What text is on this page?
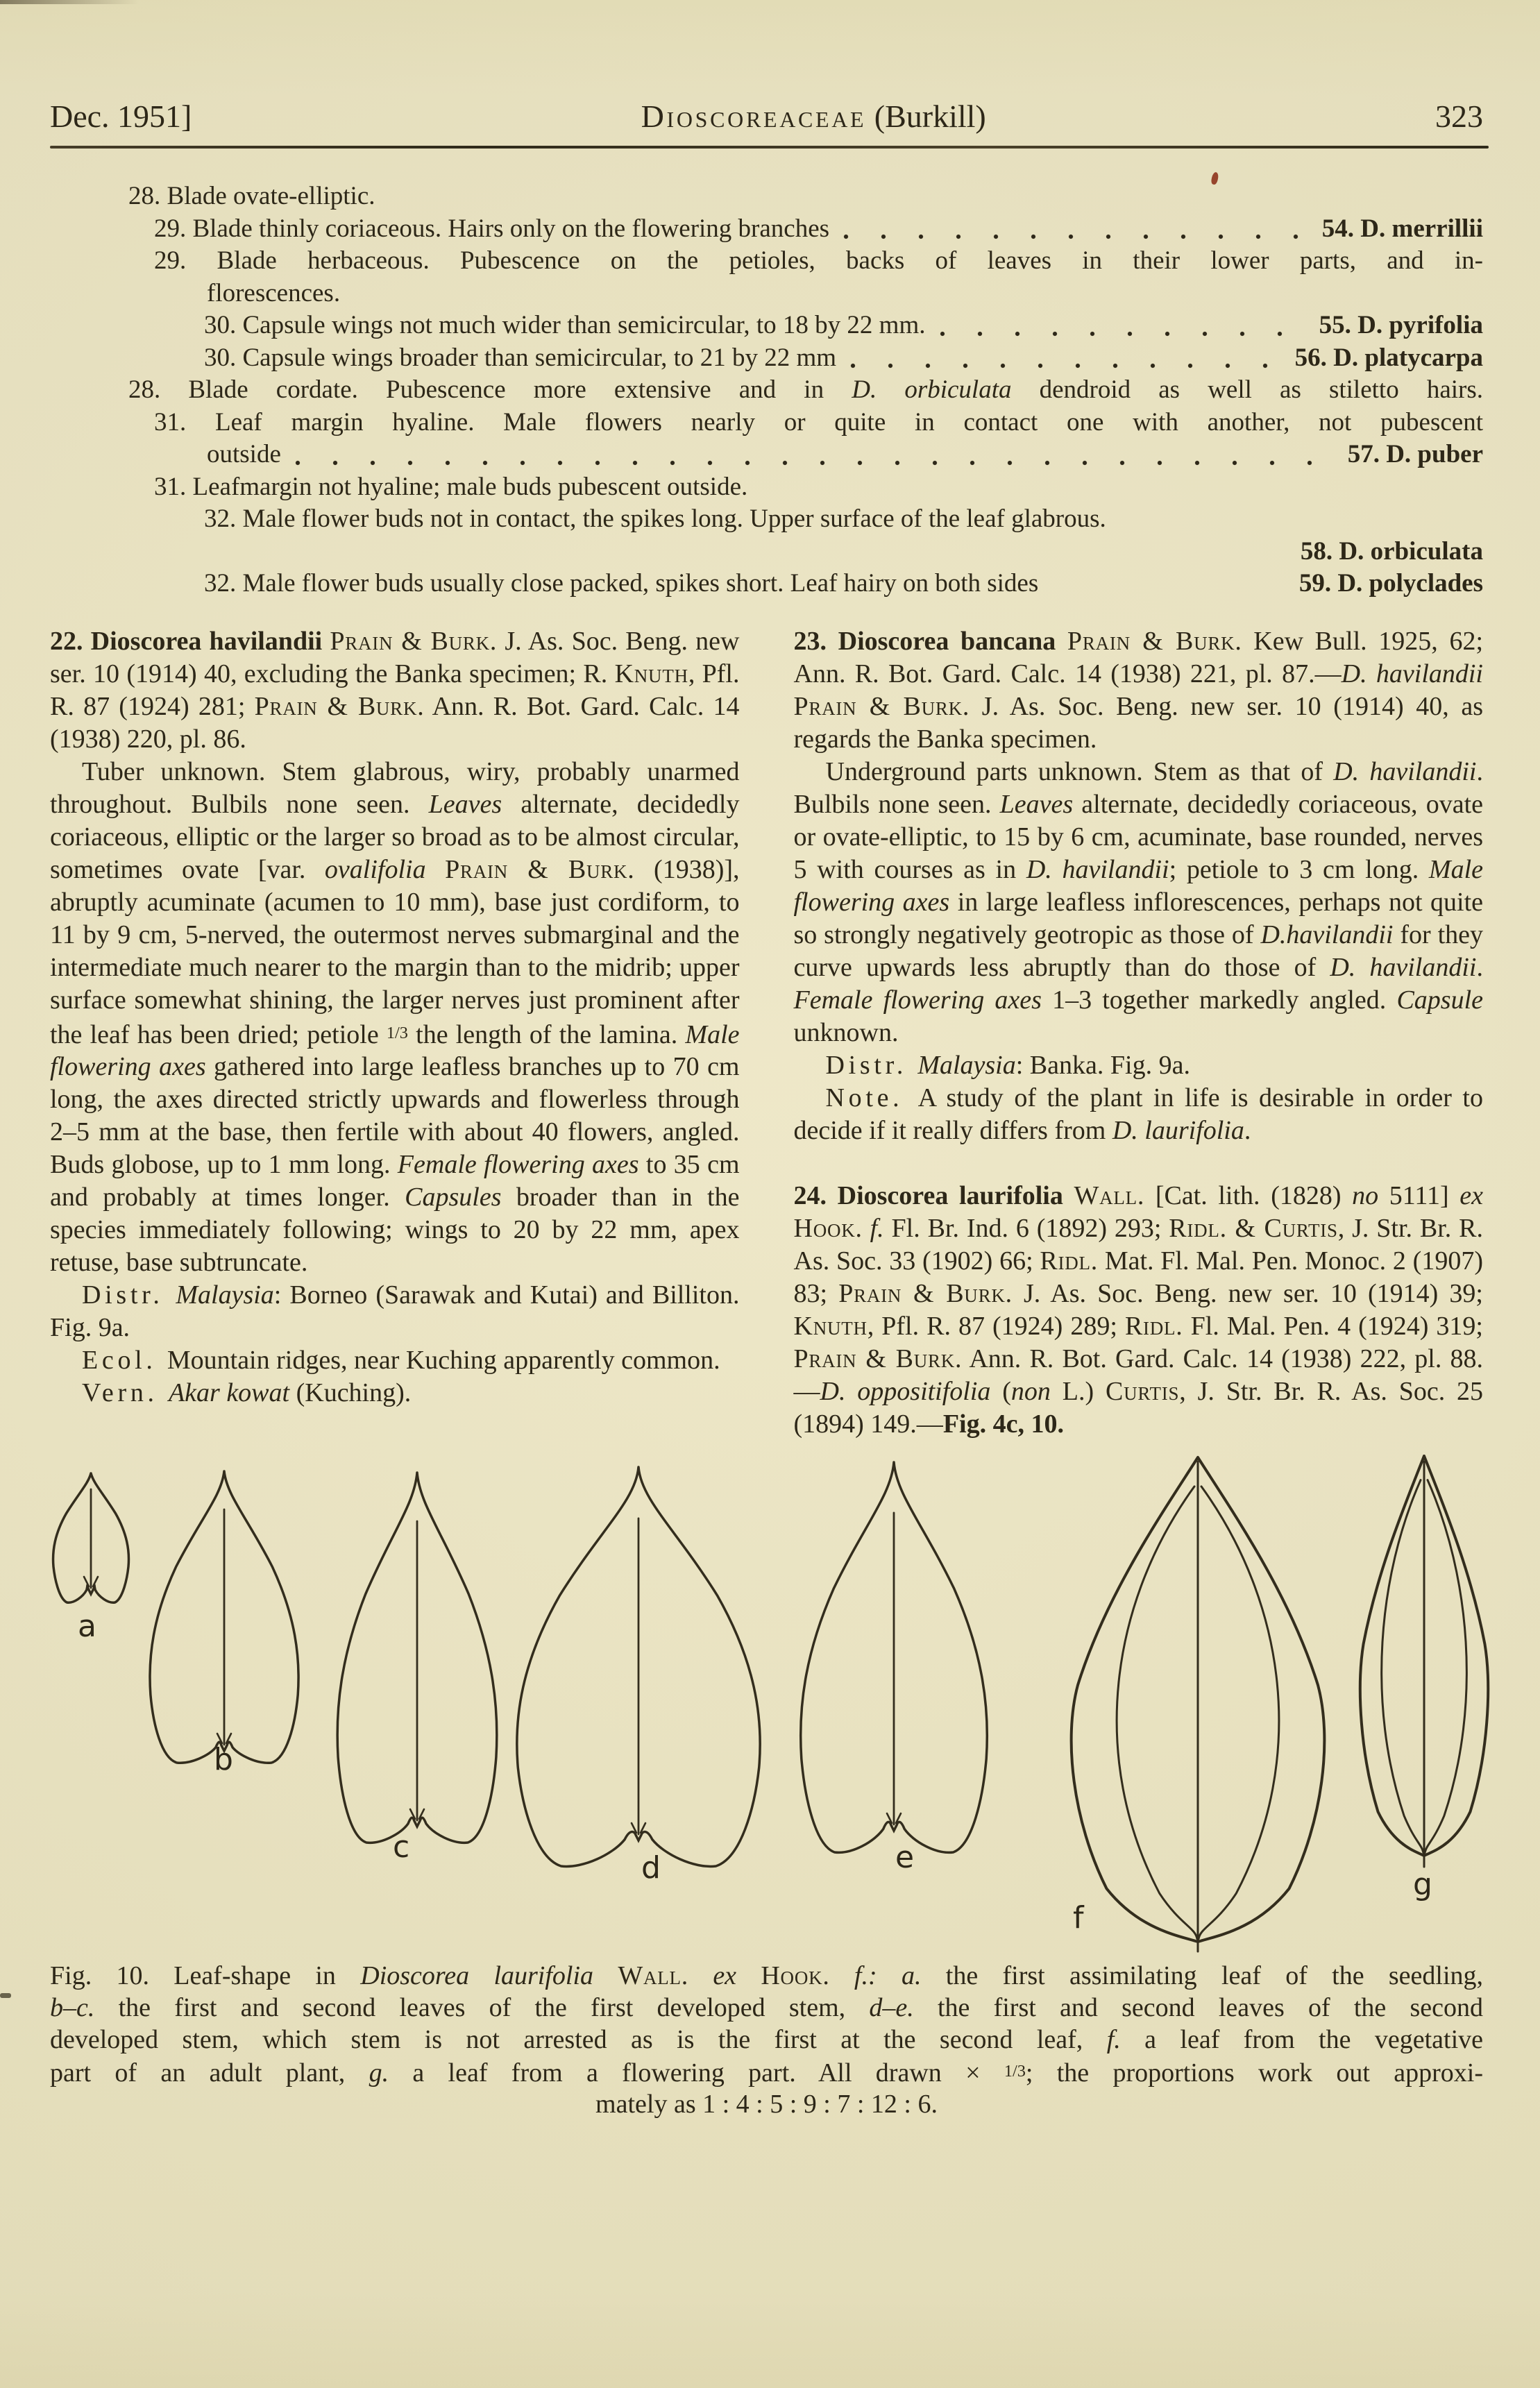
Dec. 1951]	Dioscoreaceae (Burkill)	323
28. Blade ovate-elliptic.
29. Blade thinly coriaceous. Hairs only on the flowering branches	54. D. merrillii
29. Blade herbaceous. Pubescence on the petioles, backs of leaves in their lower parts, and in-
florescences.
30. Capsule wings not much wider than semicircular, to 18 by 22 mm.	55. D. pyrifolia
30. Capsule wings broader than semicircular, to 21 by 22 mm	56. D. platycarpa
28. Blade cordate. Pubescence more extensive and in D. orbiculata dendroid as well as stiletto hairs.
31. Leaf margin hyaline. Male flowers nearly or quite in contact one with another, not pubescent
outside	57. D. puber
31. Leafmargin not hyaline; male buds pubescent outside.
32. Male flower buds not in contact, the spikes long. Upper surface of the leaf glabrous.
58. D. orbiculata
32. Male flower buds usually close packed, spikes short. Leaf hairy on both sides	59. D. polyclades

22. Dioscorea havilandii Prain & Burk. J. As. Soc. Beng. new ser. 10 (1914) 40, excluding the Banka specimen; R. Knuth, Pfl. R. 87 (1924) 281; Prain & Burk. Ann. R. Bot. Gard. Calc. 14 (1938) 220, pl. 86.

Tuber unknown. Stem glabrous, wiry, probably unarmed throughout. Bulbils none seen. Leaves alternate, decidedly coriaceous, elliptic or the larger so broad as to be almost circular, sometimes ovate [var. ovalifolia Prain & Burk. (1938)], abruptly acuminate (acumen to 10 mm), base just cordiform, to 11 by 9 cm, 5-nerved, the outermost nerves submarginal and the intermediate much nearer to the margin than to the midrib; upper surface somewhat shining, the larger nerves just prominent after the leaf has been dried; petiole 1/3 the length of the lamina. Male flowering axes gathered into large leafless branches up to 70 cm long, the axes directed strictly upwards and flowerless through 2–5 mm at the base, then fertile with about 40 flowers, angled. Buds globose, up to 1 mm long. Female flowering axes to 35 cm and probably at times longer. Capsules broader than in the species immediately following; wings to 20 by 22 mm, apex retuse, base subtruncate.

Distr. Malaysia: Borneo (Sarawak and Kutai) and Billiton. Fig. 9a.

Ecol. Mountain ridges, near Kuching apparently common.

Vern. Akar kowat (Kuching).

23. Dioscorea bancana Prain & Burk. Kew Bull. 1925, 62; Ann. R. Bot. Gard. Calc. 14 (1938) 221, pl. 87.—D. havilandii Prain & Burk. J. As. Soc. Beng. new ser. 10 (1914) 40, as regards the Banka specimen.

Underground parts unknown. Stem as that of D. havilandii. Bulbils none seen. Leaves alternate, decidedly coriaceous, ovate or ovate-elliptic, to 15 by 6 cm, acuminate, base rounded, nerves 5 with courses as in D. havilandii; petiole to 3 cm long. Male flowering axes in large leafless inflorescences, perhaps not quite so strongly negatively geotropic as those of D.havilandii for they curve upwards less abruptly than do those of D. havilandii. Female flowering axes 1–3 together markedly angled. Capsule unknown.

Distr. Malaysia: Banka. Fig. 9a.

Note. A study of the plant in life is desirable in order to decide if it really differs from D. laurifolia.

24. Dioscorea laurifolia Wall. [Cat. lith. (1828) no 5111] ex Hook. f. Fl. Br. Ind. 6 (1892) 293; Ridl. & Curtis, J. Str. Br. R. As. Soc. 33 (1902) 66; Ridl. Mat. Fl. Mal. Pen. Monoc. 2 (1907) 83; Prain & Burk. J. As. Soc. Beng. new ser. 10 (1914) 39; Knuth, Pfl. R. 87 (1924) 289; Ridl. Fl. Mal. Pen. 4 (1924) 319; Prain & Burk. Ann. R. Bot. Gard. Calc. 14 (1938) 222, pl. 88.—D. oppositifolia (non L.) Curtis, J. Str. Br. R. As. Soc. 25 (1894) 149.—Fig. 4c, 10.

a
b
c
d	e
f
g
Fig. 10. Leaf-shape in Dioscorea laurifolia Wall. ex Hook. f.: a. the first assimilating leaf of the seedling,
b–c. the first and second leaves of the first developed stem, d–e. the first and second leaves of the second
developed stem, which stem is not arrested as is the first at the second leaf, f. a leaf from the vegetative
part of an adult plant, g. a leaf from a flowering part. All drawn × 1/3; the proportions work out approxi-
mately as 1 : 4 : 5 : 9 : 7 : 12 : 6.
